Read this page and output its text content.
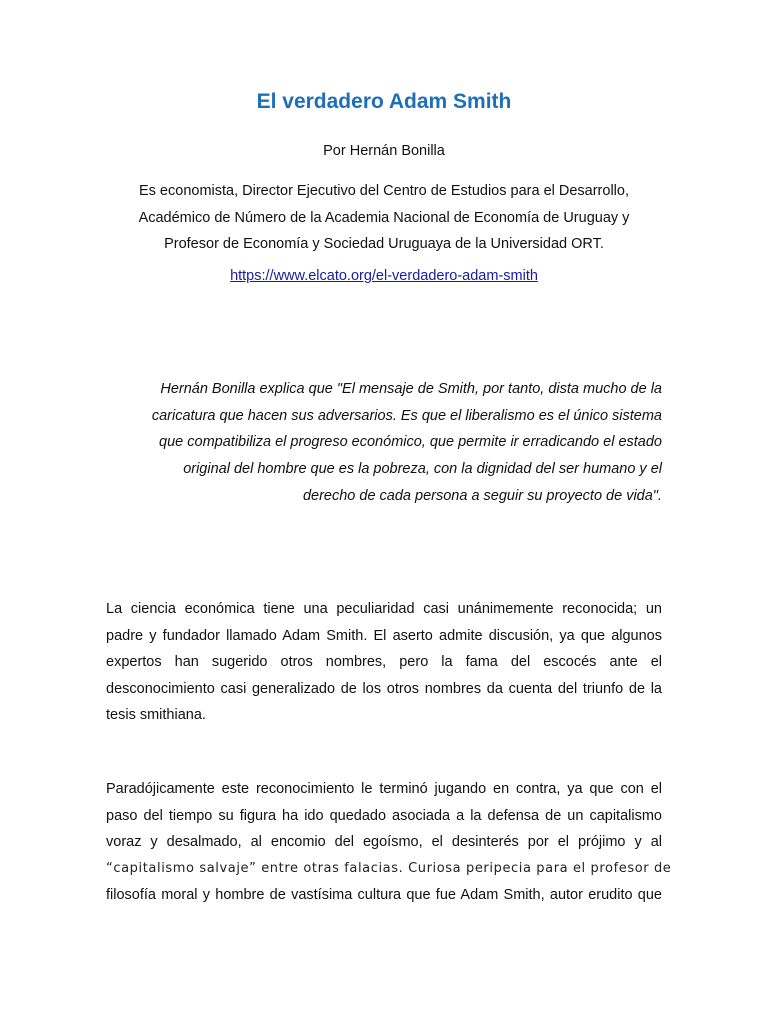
El verdadero Adam Smith

Por Hernán Bonilla

Es economista, Director Ejecutivo del Centro de Estudios para el Desarrollo,
Académico de Número de la Academia Nacional de Economía de Uruguay y
Profesor de Economía y Sociedad Uruguaya de la Universidad ORT.

https://www.elcato.org/el-verdadero-adam-smith

Hernán Bonilla explica que "El mensaje de Smith, por tanto, dista mucho de la
caricatura que hacen sus adversarios. Es que el liberalismo es el único sistema
que compatibiliza el progreso económico, que permite ir erradicando el estado
original del hombre que es la pobreza, con la dignidad del ser humano y el
derecho de cada persona a seguir su proyecto de vida".

La ciencia económica tiene una peculiaridad casi unánimemente reconocida; un
padre y fundador llamado Adam Smith. El aserto admite discusión, ya que algunos
expertos han sugerido otros nombres, pero la fama del escocés ante el
desconocimiento casi generalizado de los otros nombres da cuenta del triunfo de la
tesis smithiana.

Paradójicamente este reconocimiento le terminó jugando en contra, ya que con el
paso del tiempo su figura ha ido quedado asociada a la defensa de un capitalismo
voraz y desalmado, al encomio del egoísmo, el desinterés por el prójimo y al
“capitalismo salvaje” entre otras falacias. Curiosa peripecia para el profesor de
filosofía moral y hombre de vastísima cultura que fue Adam Smith, autor erudito que
